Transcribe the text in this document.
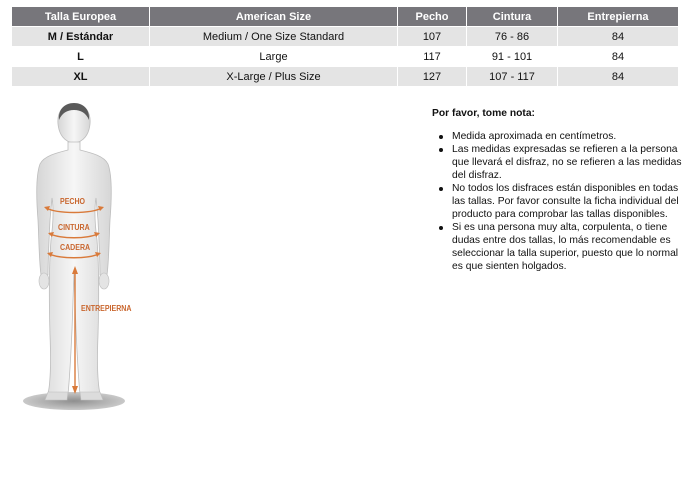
Talla Europea	American Size	Pecho	Cintura	Entrepierna
M / Estándar	Medium / One Size Standard	107	76 - 86	84
L	Large	117	91 - 101	84
XL	X-Large / Plus Size	127	107 - 117	84
PECHO
CINTURA
CADERA
ENTREPIERNA

Por favor, tome nota:

Medida aproximada en centímetros.
Las medidas expresadas se refieren a la persona que llevará el disfraz, no se refieren a las medidas del disfraz.
No todos los disfraces están disponibles en todas las tallas. Por favor consulte la ficha individual del producto para comprobar las tallas disponibles.
Si es una persona muy alta, corpulenta, o tiene dudas entre dos tallas, lo más recomendable es seleccionar la talla superior, puesto que lo normal es que sienten holgados.
